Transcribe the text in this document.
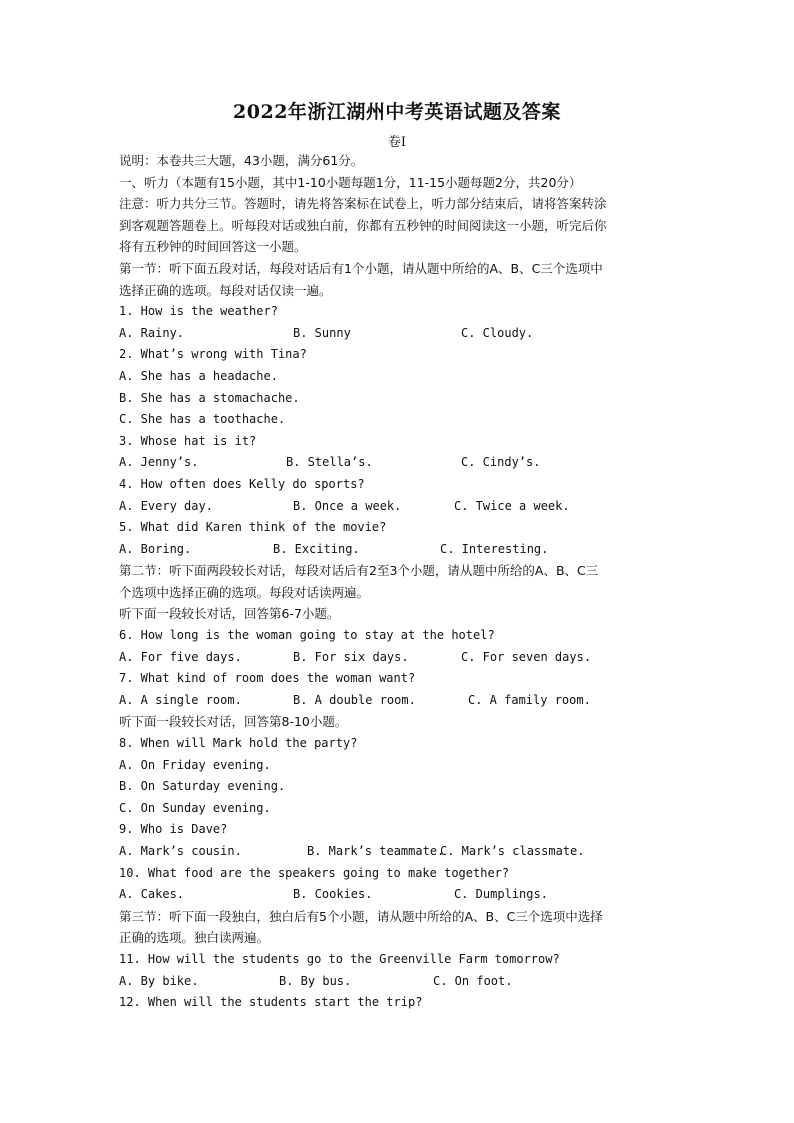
2022年浙江湖州中考英语试题及答案
卷I
说明：本卷共三大题，43小题，满分61分。
一、听力（本题有15小题，其中1-10小题每题1分，11-15小题每题2分，共20分）
注意：听力共分三节。答题时，请先将答案标在试卷上，听力部分结束后，请将答案转涂
到客观题答题卷上。听每段对话或独白前，你都有五秒钟的时间阅读这一小题，听完后你
将有五秒钟的时间回答这一小题。
第一节：听下面五段对话，每段对话后有1个小题，请从题中所给的A、B、C三个选项中
选择正确的选项。每段对话仅读一遍。
1. How is the weather?

A. Rainy.

	B. Sunny

	C. Cloudy.

2. What’s wrong with Tina?
A. She has a headache.
B. She has a stomachache.
C. She has a toothache.
3. Whose hat is it?

A. Jenny’s.

	B. Stella’s.

	C. Cindy’s.

4. How often does Kelly do sports?

A. Every day.

	B. Once a week.

	C. Twice a week.

5. What did Karen think of the movie?

A. Boring.

	B. Exciting.

	C. Interesting.

第二节：听下面两段较长对话，每段对话后有2至3个小题，请从题中所给的A、B、C三
个选项中选择正确的选项。每段对话读两遍。
听下面一段较长对话，回答第6-7小题。
6. How long is the woman going to stay at the hotel?

A. For five days.

	B. For six days.

	C. For seven days.

7. What kind of room does the woman want?

A. A single room.

	B. A double room.

	C. A family room.

听下面一段较长对话，回答第8-10小题。
8. When will Mark hold the party?
A. On Friday evening.
B. On Saturday evening.
C. On Sunday evening.
9. Who is Dave?

A. Mark’s cousin.

	B. Mark’s teammate.

C. Mark’s classmate.

10. What food are the speakers going to make together?

A. Cakes.

	B. Cookies.

	C. Dumplings.

第三节：听下面一段独白，独白后有5个小题，请从题中所给的A、B、C三个选项中选择
正确的选项。独白读两遍。
11. How will the students go to the Greenville Farm tomorrow?

A. By bike.

	B. By bus.

	C. On foot.

12. When will the students start the trip?
